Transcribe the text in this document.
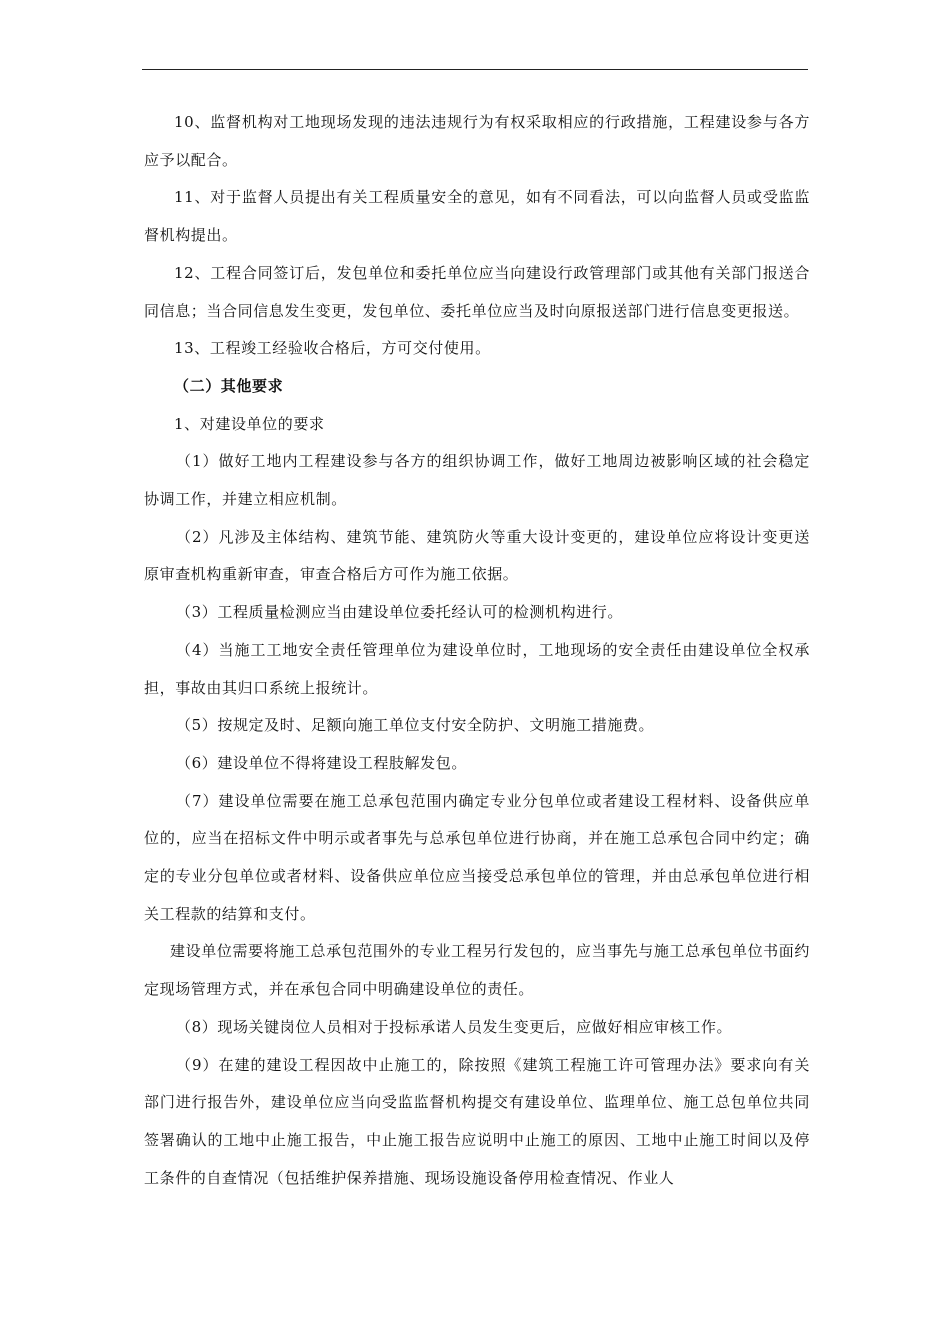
10、监督机构对工地现场发现的违法违规行为有权采取相应的行政措施，工程建设参与各方应予以配合。

11、对于监督人员提出有关工程质量安全的意见，如有不同看法，可以向监督人员或受监监督机构提出。

12、工程合同签订后，发包单位和委托单位应当向建设行政管理部门或其他有关部门报送合同信息；当合同信息发生变更，发包单位、委托单位应当及时向原报送部门进行信息变更报送。

13、工程竣工经验收合格后，方可交付使用。

（二）其他要求

1、对建设单位的要求

（1）做好工地内工程建设参与各方的组织协调工作，做好工地周边被影响区域的社会稳定协调工作，并建立相应机制。

（2）凡涉及主体结构、建筑节能、建筑防火等重大设计变更的，建设单位应将设计变更送原审查机构重新审查，审查合格后方可作为施工依据。

（3）工程质量检测应当由建设单位委托经认可的检测机构进行。

（4）当施工工地安全责任管理单位为建设单位时，工地现场的安全责任由建设单位全权承担，事故由其归口系统上报统计。

（5）按规定及时、足额向施工单位支付安全防护、文明施工措施费。

（6）建设单位不得将建设工程肢解发包。

（7）建设单位需要在施工总承包范围内确定专业分包单位或者建设工程材料、设备供应单位的，应当在招标文件中明示或者事先与总承包单位进行协商，并在施工总承包合同中约定；确定的专业分包单位或者材料、设备供应单位应当接受总承包单位的管理，并由总承包单位进行相关工程款的结算和支付。

建设单位需要将施工总承包范围外的专业工程另行发包的，应当事先与施工总承包单位书面约定现场管理方式，并在承包合同中明确建设单位的责任。

（8）现场关键岗位人员相对于投标承诺人员发生变更后，应做好相应审核工作。

（9）在建的建设工程因故中止施工的，除按照《建筑工程施工许可管理办法》要求向有关部门进行报告外，建设单位应当向受监监督机构提交有建设单位、监理单位、施工总包单位共同签署确认的工地中止施工报告，中止施工报告应说明中止施工的原因、工地中止施工时间以及停工条件的自查情况（包括维护保养措施、现场设施设备停用检查情况、作业人
